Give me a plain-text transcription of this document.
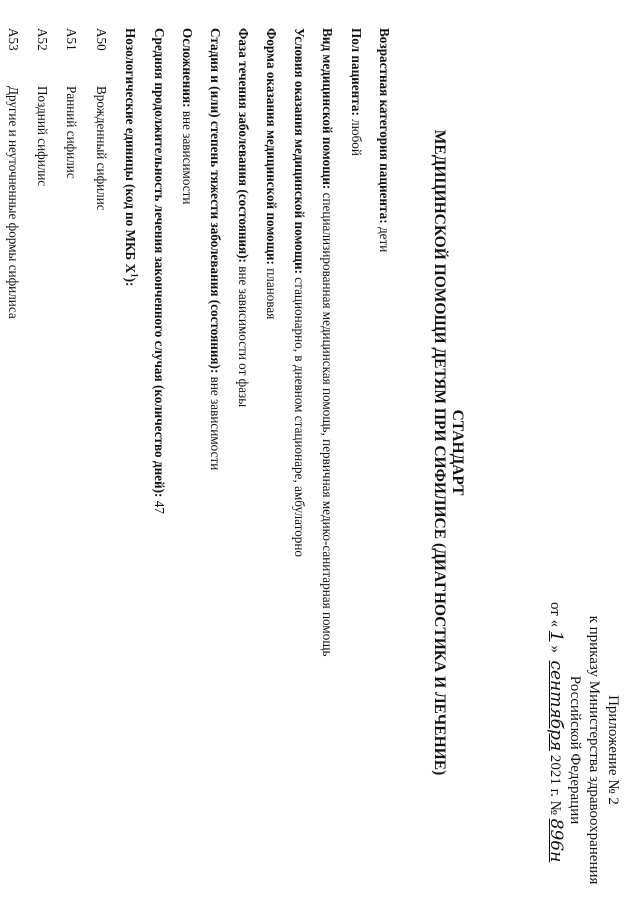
Приложение № 2
к приказу Министерства здравоохранения
Российской Федерации
от « 1 »  сентября 2021 г. № 896н
СТАНДАРТ
МЕДИЦИНСКОЙ ПОМОЩИ ДЕТЯМ ПРИ СИФИЛИСЕ (ДИАГНОСТИКА И ЛЕЧЕНИЕ)
Возрастная категория пациента: дети
Пол пациента: любой
Вид медицинской помощи: специализированная медицинская помощь, первичная медико-санитарная помощь
Условия оказания медицинской помощи: стационарно, в дневном стационаре, амбулаторно
Форма оказания медицинской помощи: плановая
Фаза течения заболевания (состояния): вне зависимости от фазы
Стадия и (или) степень тяжести заболевания (состояния): вне зависимости
Осложнения: вне зависимости
Средняя продолжительность лечения законченного случая (количество дней): 47
Нозологические единицы (код по МКБ $X^1$):
A50
Врожденный сифилис
A51
Ранний сифилис
A52
Поздний сифилис
A53
Другие и неуточненные формы сифилиса
